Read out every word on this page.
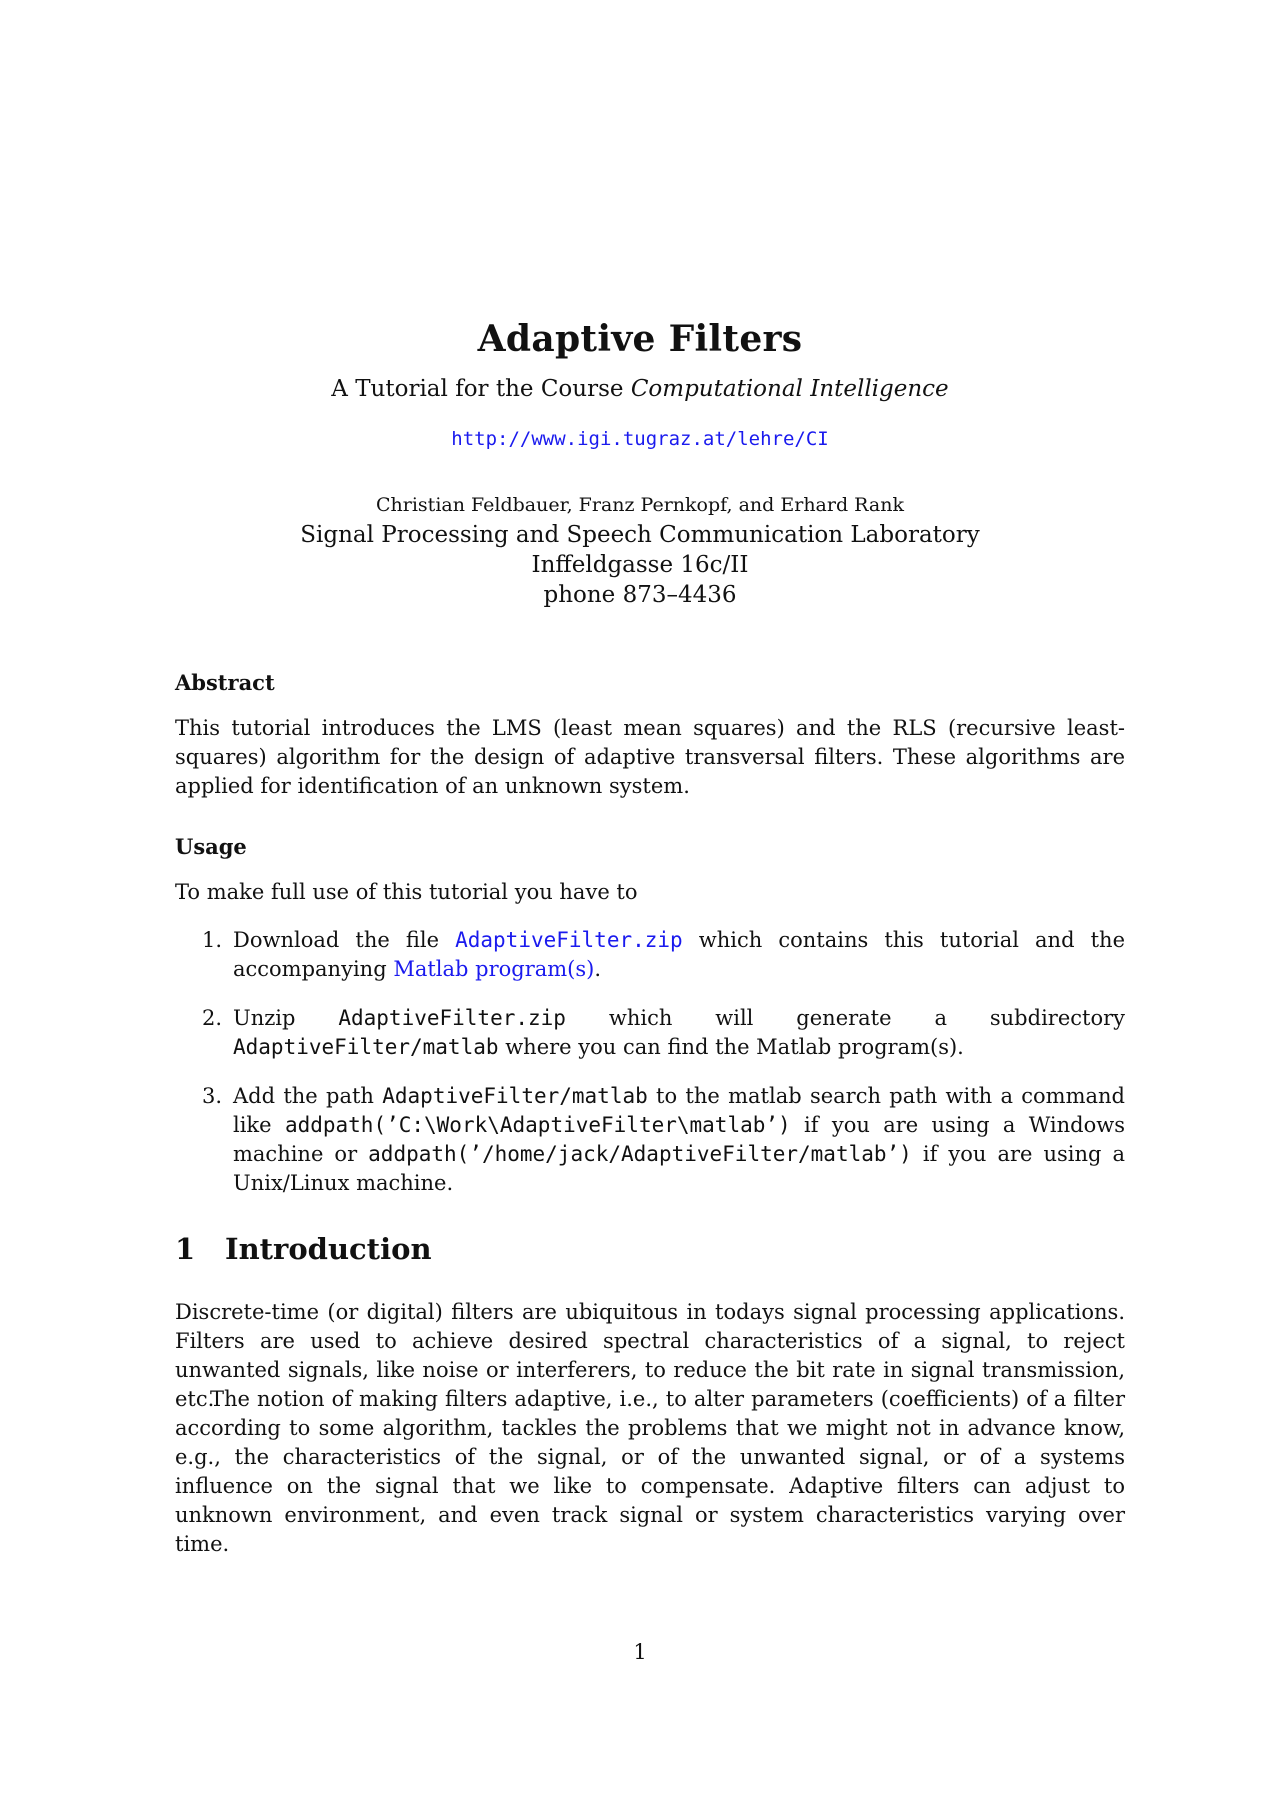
Adaptive Filters
A Tutorial for the Course Computational Intelligence
http://www.igi.tugraz.at/lehre/CI
Christian Feldbauer, Franz Pernkopf, and Erhard Rank
Signal Processing and Speech Communication Laboratory
Inffeldgasse 16c/II
phone 873–4436
Abstract
This tutorial introduces the LMS (least mean squares) and the RLS (recursive least-squares) algorithm for the design of adaptive transversal filters. These algorithms are applied for identification of an unknown system.
Usage
To make full use of this tutorial you have to
1. Download the file AdaptiveFilter.zip which contains this tutorial and the accompanying Matlab program(s).
2. Unzip AdaptiveFilter.zip which will generate a subdirectory AdaptiveFilter/matlab where you can find the Matlab program(s).
3. Add the path AdaptiveFilter/matlab to the matlab search path with a command like addpath(’C:\Work\AdaptiveFilter\matlab’) if you are using a Windows machine or addpath(’/home/jack/AdaptiveFilter/matlab’) if you are using a Unix/Linux machine.
1 Introduction
Discrete-time (or digital) filters are ubiquitous in todays signal processing applications. Filters are used to achieve desired spectral characteristics of a signal, to reject unwanted signals, like noise or interferers, to reduce the bit rate in signal transmission, etc.
The notion of making filters adaptive, i.e., to alter parameters (coefficients) of a filter according to some algorithm, tackles the problems that we might not in advance know, e.g., the characteristics of the signal, or of the unwanted signal, or of a systems influence on the signal that we like to compensate. Adaptive filters can adjust to unknown environment, and even track signal or system characteristics varying over time.
1
